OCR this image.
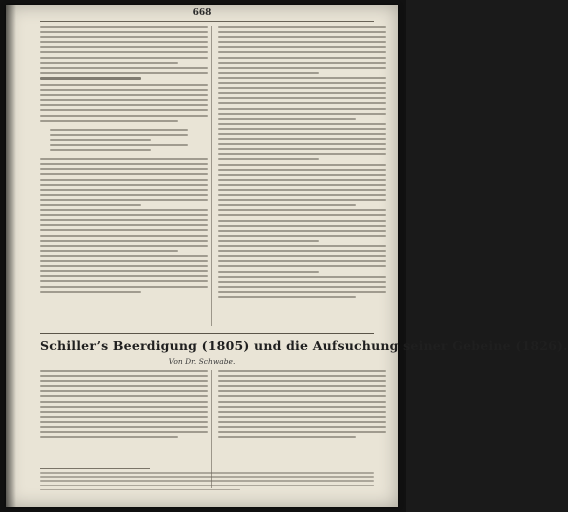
668
Schiller’s Beerdigung (1805) und die Aufsuchung seiner Gebeine (1826).
Von Dr. Schwabe.
